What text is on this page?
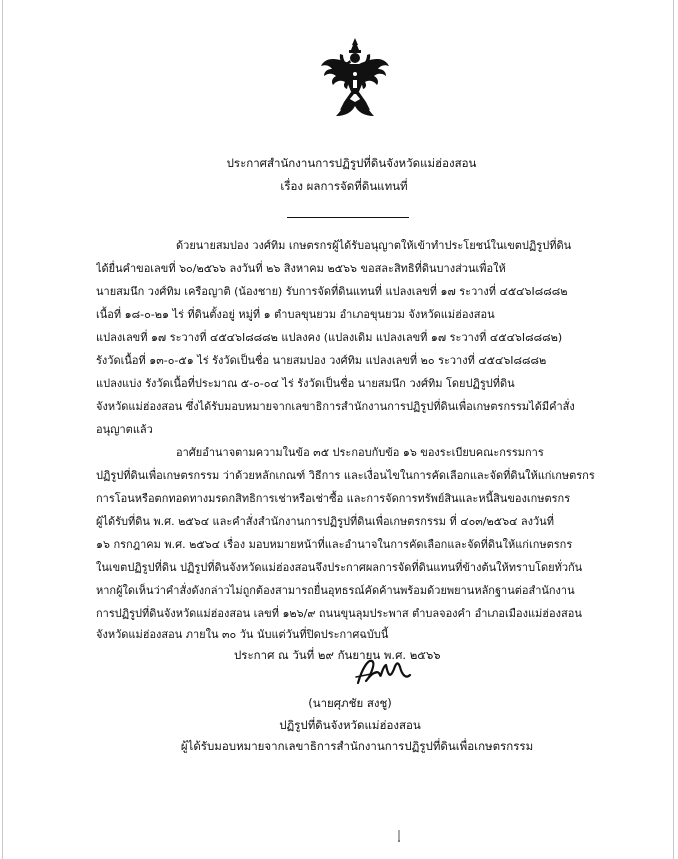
ประกาศสำนักงานการปฏิรูปที่ดินจังหวัดแม่ฮ่องสอน
เรื่อง ผลการจัดที่ดินแทนที่
ด้วยนายสมปอง วงศ์ทิม เกษตรกรผู้ได้รับอนุญาตให้เข้าทำประโยชน์ในเขตปฏิรูปที่ดิน
ได้ยื่นคำขอเลขที่ ๖๐/๒๕๖๖ ลงวันที่ ๒๖ สิงหาคม ๒๕๖๖ ขอสละสิทธิที่ดินบางส่วนเพื่อให้
นายสมนึก วงศ์ทิม เครือญาติ (น้องชาย) รับการจัดที่ดินแทนที่ แปลงเลขที่ ๑๗ ระวางที่ ๔๕๔๖I๘๘๘๒
เนื้อที่ ๑๘-๐-๒๑ ไร่ ที่ดินตั้งอยู่ หมู่ที่ ๑ ตำบลขุนยวม อำเภอขุนยวม จังหวัดแม่ฮ่องสอน
แปลงเลขที่ ๑๗ ระวางที่ ๔๕๔๖I๘๘๘๒ แปลงคง (แปลงเดิม แปลงเลขที่ ๑๗ ระวางที่ ๔๕๔๖I๘๘๘๒)
รังวัดเนื้อที่ ๑๓-๐-๕๑ ไร่ รังวัดเป็นชื่อ นายสมปอง วงศ์ทิม แปลงเลขที่ ๒๐ ระวางที่ ๔๕๔๖I๘๘๘๒
แปลงแบ่ง รังวัดเนื้อที่ประมาณ ๕-๐-๐๔ ไร่ รังวัดเป็นชื่อ นายสมนึก วงศ์ทิม โดยปฏิรูปที่ดิน
จังหวัดแม่ฮ่องสอน ซึ่งได้รับมอบหมายจากเลขาธิการสำนักงานการปฏิรูปที่ดินเพื่อเกษตรกรรมได้มีคำสั่ง
อนุญาตแล้ว
อาศัยอำนาจตามความในข้อ ๓๕ ประกอบกับข้อ ๑๖ ของระเบียบคณะกรรมการ
ปฏิรูปที่ดินเพื่อเกษตรกรรม ว่าด้วยหลักเกณฑ์ วิธีการ และเงื่อนไขในการคัดเลือกและจัดที่ดินให้แก่เกษตรกร
การโอนหรือตกทอดทางมรดกสิทธิการเช่าหรือเช่าซื้อ และการจัดการทรัพย์สินและหนี้สินของเกษตรกร
ผู้ได้รับที่ดิน พ.ศ. ๒๕๖๔ และคำสั่งสำนักงานการปฏิรูปที่ดินเพื่อเกษตรกรรม ที่ ๔๐๓/๒๕๖๔ ลงวันที่
๑๖ กรกฎาคม พ.ศ. ๒๕๖๔ เรื่อง มอบหมายหน้าที่และอำนาจในการคัดเลือกและจัดที่ดินให้แก่เกษตรกร
ในเขตปฏิรูปที่ดิน ปฏิรูปที่ดินจังหวัดแม่ฮ่องสอนจึงประกาศผลการจัดที่ดินแทนที่ข้างต้นให้ทราบโดยทั่วกัน
หากผู้ใดเห็นว่าคำสั่งดังกล่าวไม่ถูกต้องสามารถยื่นอุทธรณ์คัดค้านพร้อมด้วยพยานหลักฐานต่อสำนักงาน
การปฏิรูปที่ดินจังหวัดแม่ฮ่องสอน เลขที่ ๑๒๖/๙ ถนนขุนลุมประพาส ตำบลจองคำ อำเภอเมืองแม่ฮ่องสอน
จังหวัดแม่ฮ่องสอน ภายใน ๓๐ วัน นับแต่วันที่ปิดประกาศฉบับนี้
ประกาศ ณ วันที่ ๒๙ กันยายน พ.ศ. ๒๕๖๖
(นายศุภชัย สงชู)
ปฏิรูปที่ดินจังหวัดแม่ฮ่องสอน
ผู้ได้รับมอบหมายจากเลขาธิการสำนักงานการปฏิรูปที่ดินเพื่อเกษตรกรรม
